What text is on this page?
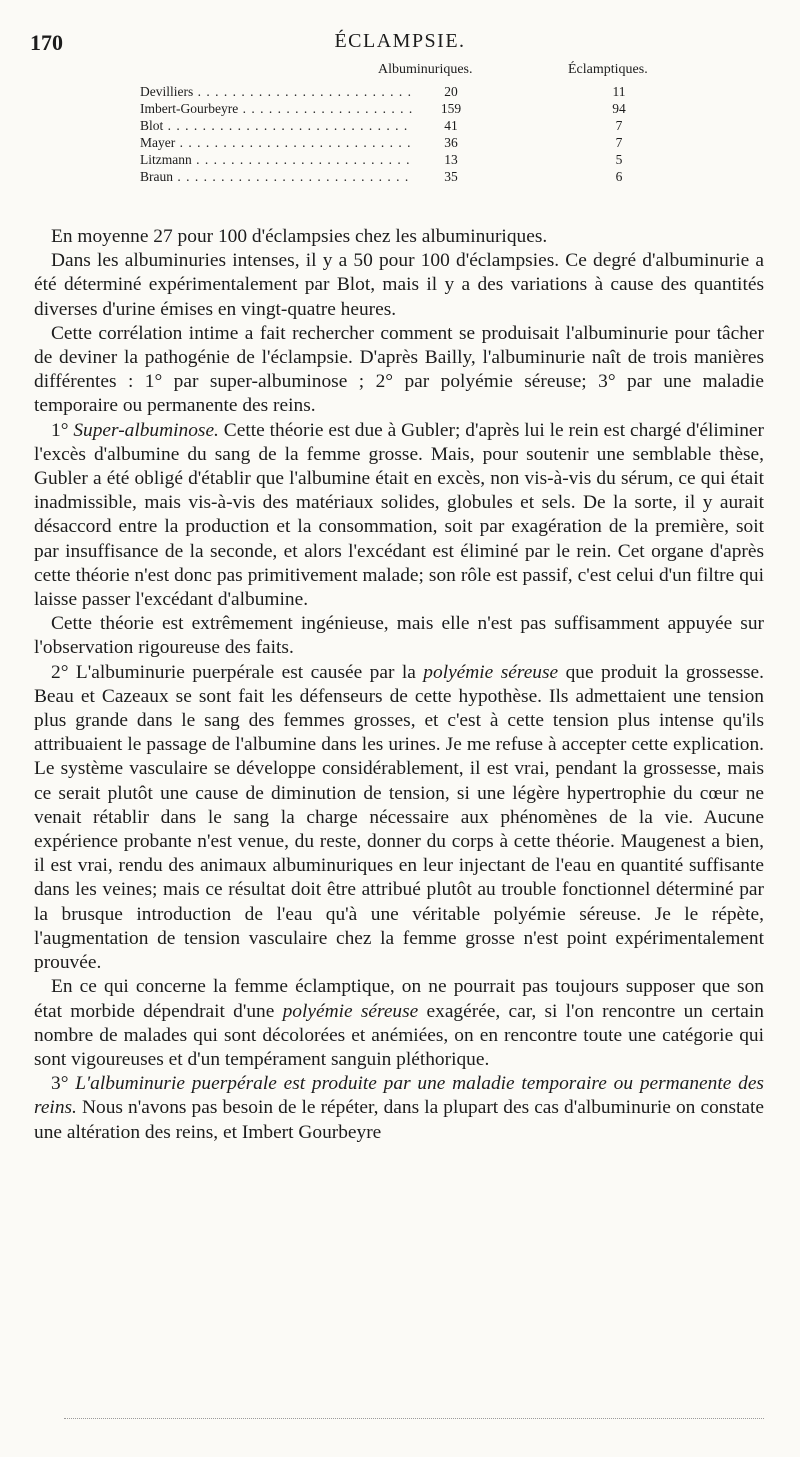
170	ÉCLAMPSIE.
Albuminuriques.	Éclamptiques.
Devilliers . . .	20	11
Imbert-Gourbeyre . . .	159	94
Blot . . .	41	7
Mayer . . .	36	7
Litzmann . . .	13	5
Braun . . .	35	6

En moyenne 27 pour 100 d'éclampsies chez les albuminuriques.

Dans les albuminuries intenses, il y a 50 pour 100 d'éclampsies. Ce degré d'albuminurie a été déterminé expérimentalement par Blot, mais il y a des variations à cause des quantités diverses d'urine émises en vingt-quatre heures.

Cette corrélation intime a fait rechercher comment se produisait l'albuminurie pour tâcher de deviner la pathogénie de l'éclampsie. D'après Bailly, l'albuminurie naît de trois manières différentes : 1° par super-albuminose ; 2° par polyémie séreuse; 3° par une maladie temporaire ou permanente des reins.

1° Super-albuminose. Cette théorie est due à Gubler; d'après lui le rein est chargé d'éliminer l'excès d'albumine du sang de la femme grosse. Mais, pour soutenir une semblable thèse, Gubler a été obligé d'établir que l'albumine était en excès, non vis-à-vis du sérum, ce qui était inadmissible, mais vis-à-vis des matériaux solides, globules et sels. De la sorte, il y aurait désaccord entre la production et la consommation, soit par exagération de la première, soit par insuffisance de la seconde, et alors l'excédant est éliminé par le rein. Cet organe d'après cette théorie n'est donc pas primitivement malade; son rôle est passif, c'est celui d'un filtre qui laisse passer l'excédant d'albumine.

Cette théorie est extrêmement ingénieuse, mais elle n'est pas suffisamment appuyée sur l'observation rigoureuse des faits.

2° L'albuminurie puerpérale est causée par la polyémie séreuse que produit la grossesse. Beau et Cazeaux se sont fait les défenseurs de cette hypothèse. Ils admettaient une tension plus grande dans le sang des femmes grosses, et c'est à cette tension plus intense qu'ils attribuaient le passage de l'albumine dans les urines. Je me refuse à accepter cette explication. Le système vasculaire se développe considérablement, il est vrai, pendant la grossesse, mais ce serait plutôt une cause de diminution de tension, si une légère hypertrophie du cœur ne venait rétablir dans le sang la charge nécessaire aux phénomènes de la vie. Aucune expérience probante n'est venue, du reste, donner du corps à cette théorie. Maugenest a bien, il est vrai, rendu des animaux albuminuriques en leur injectant de l'eau en quantité suffisante dans les veines; mais ce résultat doit être attribué plutôt au trouble fonctionnel déterminé par la brusque introduction de l'eau qu'à une véritable polyémie séreuse. Je le répète, l'augmentation de tension vasculaire chez la femme grosse n'est point expérimentalement prouvée.

En ce qui concerne la femme éclamptique, on ne pourrait pas toujours supposer que son état morbide dépendrait d'une polyémie séreuse exagérée, car, si l'on rencontre un certain nombre de malades qui sont décolorées et anémiées, on en rencontre toute une catégorie qui sont vigoureuses et d'un tempérament sanguin pléthorique.

3° L'albuminurie puerpérale est produite par une maladie temporaire ou permanente des reins. Nous n'avons pas besoin de le répéter, dans la plupart des cas d'albuminurie on constate une altération des reins, et Imbert Gourbeyre
